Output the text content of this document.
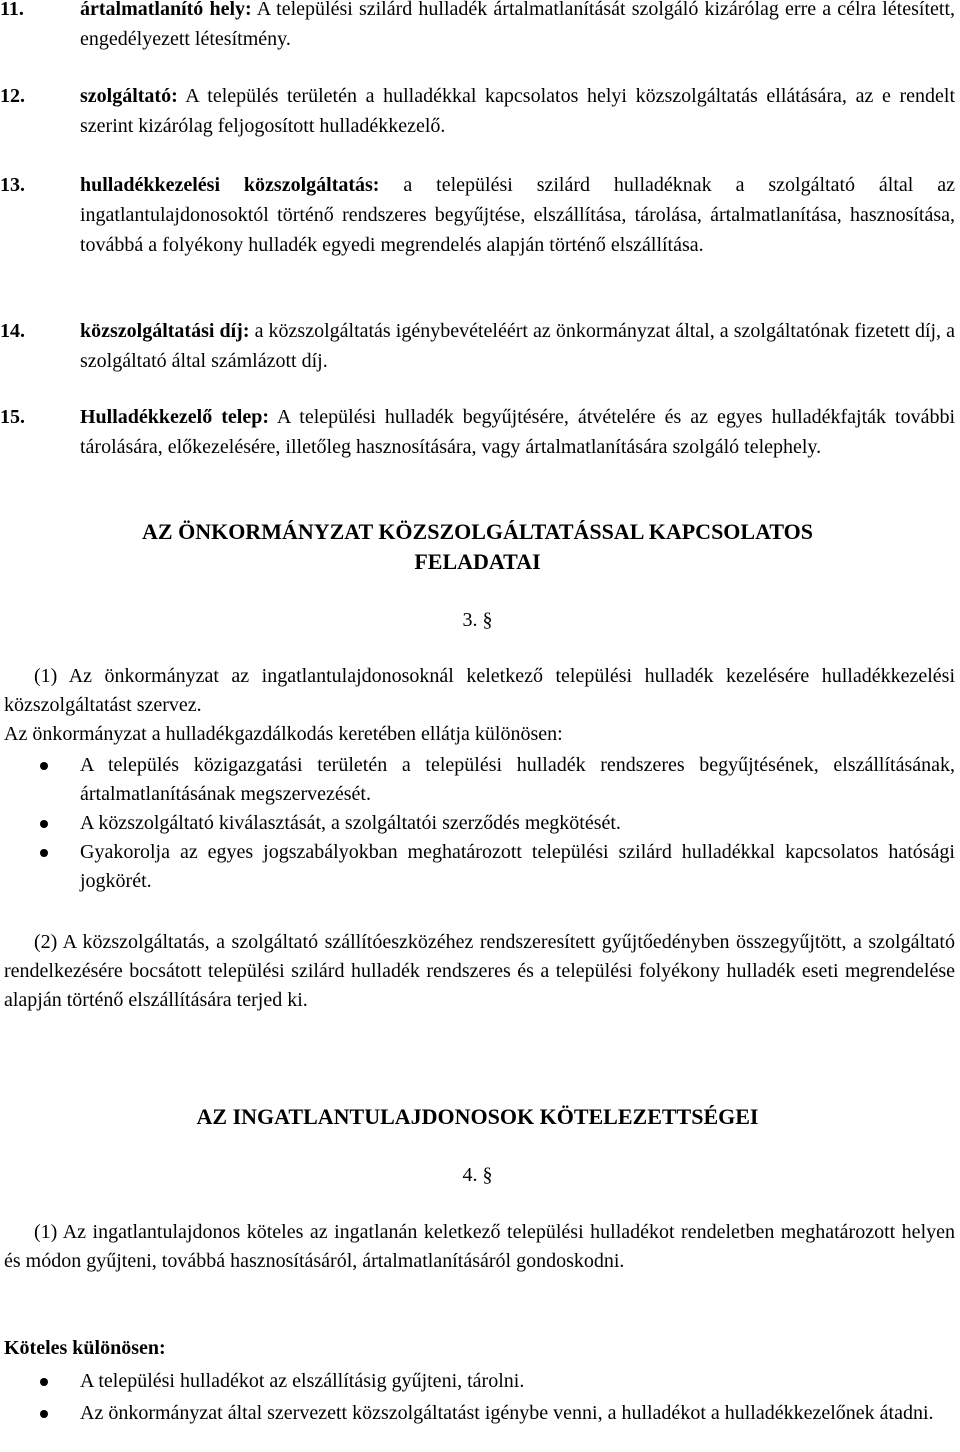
11.	ártalmatlanító hely: A települési szilárd hulladék ártalmatlanítását szolgáló kizárólag erre a célra létesített, engedélyezett létesítmény.
12.	szolgáltató: A település területén a hulladékkal kapcsolatos helyi közszolgáltatás ellátására, az e rendelt szerint kizárólag feljogosított hulladékkezelő.
13.	hulladékkezelési közszolgáltatás: a települési szilárd hulladéknak a szolgáltató által az ingatlantulajdonosoktól történő rendszeres begyűjtése, elszállítása, tárolása, ártalmatlanítása, hasznosítása, továbbá a folyékony hulladék egyedi megrendelés alapján történő elszállítása.
14.	közszolgáltatási díj: a közszolgáltatás igénybevételéért az önkormányzat által, a szolgáltatónak fizetett díj, a szolgáltató által számlázott díj.
15.	Hulladékkezelő telep: A települési hulladék begyűjtésére, átvételére és az egyes hulladékfajták további tárolására, előkezelésére, illetőleg hasznosítására, vagy ártalmatlanítására szolgáló telephely.
AZ ÖNKORMÁNYZAT KÖZSZOLGÁLTATÁSSAL KAPCSOLATOS
FELADATAI
3. §
(1) Az önkormányzat az ingatlantulajdonosoknál keletkező települési hulladék kezelésére hulladékkezelési közszolgáltatást szervez.
Az önkormányzat a hulladékgazdálkodás keretében ellátja különösen:
A település közigazgatási területén a települési hulladék rendszeres begyűjtésének, elszállításának, ártalmatlanításának megszervezését.
A közszolgáltató kiválasztását, a szolgáltatói szerződés megkötését.
Gyakorolja az egyes jogszabályokban meghatározott települési szilárd hulladékkal kapcsolatos hatósági jogkörét.
(2) A közszolgáltatás, a szolgáltató szállítóeszközéhez rendszeresített gyűjtőedényben összegyűjtött, a szolgáltató rendelkezésére bocsátott települési szilárd hulladék rendszeres és a települési folyékony hulladék eseti megrendelése alapján történő elszállítására terjed ki.
AZ INGATLANTULAJDONOSOK KÖTELEZETTSÉGEI
4. §
(1) Az ingatlantulajdonos köteles az ingatlanán keletkező települési hulladékot rendeletben meghatározott helyen és módon gyűjteni, továbbá hasznosításáról, ártalmatlanításáról gondoskodni.
Köteles különösen:
A települési hulladékot az elszállításig gyűjteni, tárolni.
Az önkormányzat által szervezett közszolgáltatást igénybe venni, a hulladékot a hulladékkezelőnek átadni.
